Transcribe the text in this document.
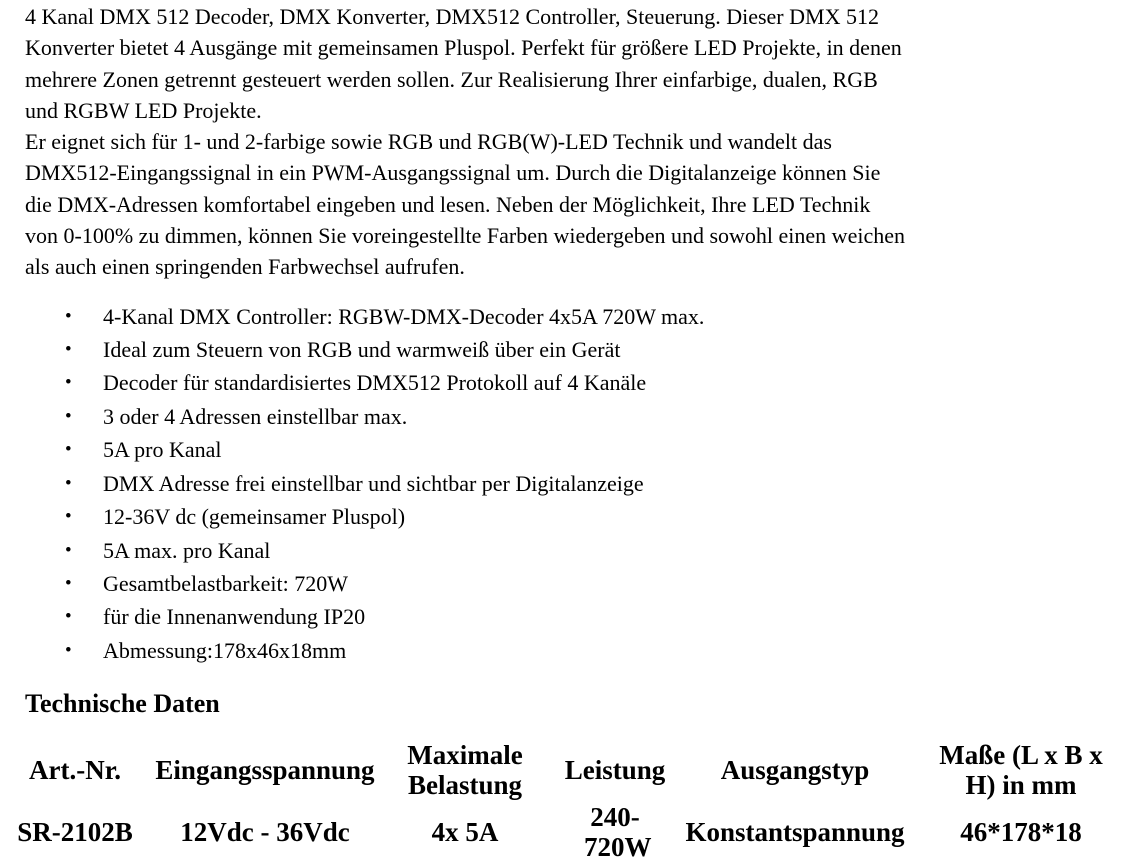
4 Kanal DMX 512 Decoder, DMX Konverter, DMX512 Controller, Steuerung. Dieser DMX 512
Konverter bietet 4 Ausgänge mit gemeinsamen Pluspol. Perfekt für größere LED Projekte, in denen
mehrere Zonen getrennt gesteuert werden sollen. Zur Realisierung Ihrer einfarbige, dualen, RGB
und RGBW LED Projekte.

Er eignet sich für 1- und 2-farbige sowie RGB und RGB(W)-LED Technik und wandelt das
DMX512-Eingangssignal in ein PWM-Ausgangssignal um. Durch die Digitalanzeige können Sie
die DMX-Adressen komfortabel eingeben und lesen. Neben der Möglichkeit, Ihre LED Technik
von 0-100% zu dimmen, können Sie voreingestellte Farben wiedergeben und sowohl einen weichen
als auch einen springenden Farbwechsel aufrufen.

• 4-Kanal DMX Controller: RGBW-DMX-Decoder 4x5A 720W max.
• Ideal zum Steuern von RGB und warmweiß über ein Gerät
• Decoder für standardisiertes DMX512 Protokoll auf 4 Kanäle
• 3 oder 4 Adressen einstellbar max.
• 5A pro Kanal
• DMX Adresse frei einstellbar und sichtbar per Digitalanzeige
• 12-36V dc (gemeinsamer Pluspol)
• 5A max. pro Kanal
• Gesamtbelastbarkeit: 720W
• für die Innenanwendung IP20
• Abmessung:178x46x18mm
Technische Daten
Art.-Nr.	Eingangsspannung	Maximale Belastung	Leistung	Ausgangstyp	Maße (L x B x H) in mm

SR-2102B	12Vdc - 36Vdc	4x 5A	240-720W	Konstantspannung	46*178*18
